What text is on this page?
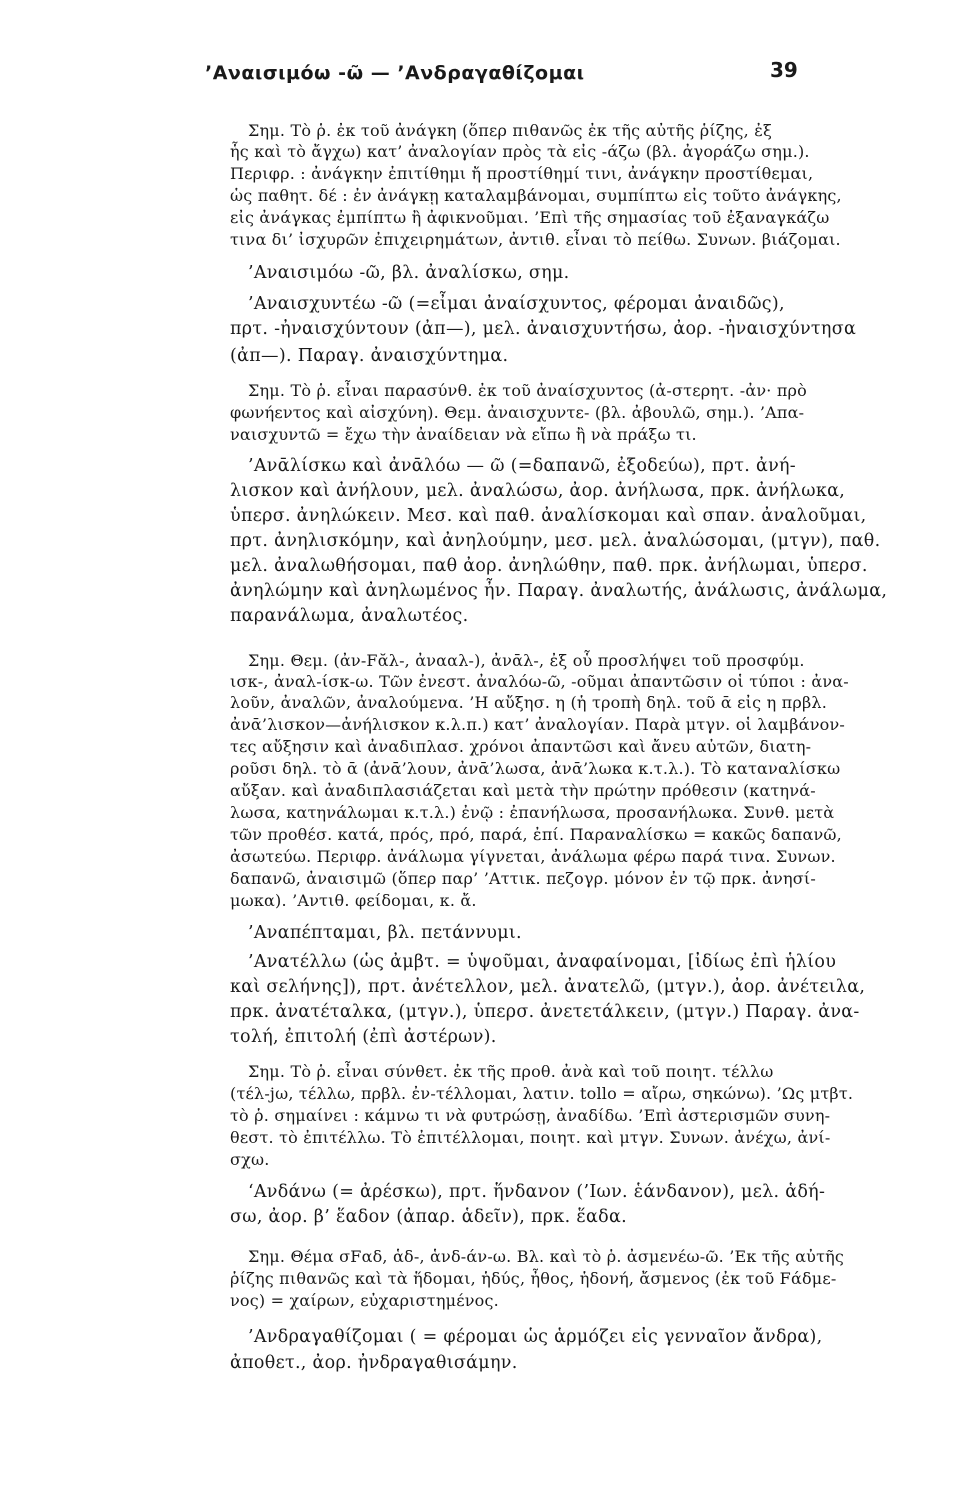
’Αναισιμόω -ῶ — ’Ανδραγαθίζομαι	39
Σημ. Τὸ ῥ. ἐκ τοῦ ἀνάγκη (ὅπερ πιθανῶς ἐκ τῆς αὐτῆς ῥίζης, ἐξ
ἧς καὶ τὸ ἄγχω) κατ’ ἀναλογίαν πρὸς τὰ εἰς -άζω (βλ. ἀγοράζω σημ.).
Περιφρ. : ἀνάγκην ἐπιτίθημι ἤ προστίθημί τινι, ἀνάγκην προστίθεμαι,
ὡς παθητ. δέ : ἐν ἀνάγκῃ καταλαμβάνομαι, συμπίπτω εἰς τοῦτο ἀνάγκης,
εἰς ἀνάγκας ἐμπίπτω ἢ ἀφικνοῦμαι. ’Επὶ τῆς σημασίας τοῦ ἐξαναγκάζω
τινα δι’ ἰσχυρῶν ἐπιχειρημάτων, ἀντιθ. εἶναι τὸ πείθω. Συνων. βιάζομαι.
’Αναισιμόω -ῶ, βλ. ἀναλίσκω, σημ.
’Αναισχυντέω -ῶ (=εἶμαι ἀναίσχυντος, φέρομαι ἀναιδῶς),
πρτ. -ἠναισχύντουν (ἀπ—), μελ. ἀναισχυντήσω, ἀορ. -ἠναισχύντησα
(ἀπ—). Παραγ. ἀναισχύντημα.
Σημ. Τὸ ῥ. εἶναι παρασύνθ. ἐκ τοῦ ἀναίσχυντος (ἀ-στερητ. -ἀν· πρὸ
φωνήεντος καὶ αἰσχύνη). Θεμ. ἀναισχυντε- (βλ. ἀβουλῶ, σημ.). ’Απα-
ναισχυντῶ = ἔχω τὴν ἀναίδειαν νὰ εἴπω ἢ νὰ πράξω τι.
’Ανᾱλίσκω καὶ ἀνᾱλόω — ῶ (=δαπανῶ, ἐξοδεύω), πρτ. ἀνή-
λισκον καὶ ἀνήλουν, μελ. ἀναλώσω, ἀορ. ἀνήλωσα, πρκ. ἀνήλωκα,
ὑπερσ. ἀνηλώκειν. Μεσ. καὶ παθ. ἀναλίσκομαι καὶ σπαν. ἀναλοῦμαι,
πρτ. ἀνηλισκόμην, καὶ ἀνηλούμην, μεσ. μελ. ἀναλώσομαι, (μτγν), παθ.
μελ. ἀναλωθήσομαι, παθ ἀορ. ἀνηλώθην, παθ. πρκ. ἀνήλωμαι, ὑπερσ.
ἀνηλώμην καὶ ἀνηλωμένος ἦν. Παραγ. ἀναλωτής, ἀνάλωσις, ἀνάλωμα,
παρανάλωμα, ἀναλωτέος.
Σημ. Θεμ. (ἀν-Fᾰλ-, ἀνααλ-), ἀνᾱλ-, ἐξ οὗ προσλήψει τοῦ προσφύμ.
ισκ-, ἀναλ-ίσκ-ω. Τῶν ἐνεστ. ἀναλόω-ῶ, -οῦμαι ἀπαντῶσιν οἱ τύποι : ἀνα-
λοῦν, ἀναλῶν, ἀναλούμενα. ’Η αὔξησ. η (ἡ τροπὴ δηλ. τοῦ ᾱ εἰς η πρβλ.
ἀνᾱ’λισκον—ἀνήλισκον κ.λ.π.) κατ’ ἀναλογίαν. Παρὰ μτγν. οἱ λαμβάνον-
τες αὔξησιν καὶ ἀναδιπλασ. χρόνοι ἀπαντῶσι καὶ ἄνευ αὐτῶν, διατη-
ροῦσι δηλ. τὸ ᾱ (ἀνᾱ’λουν, ἀνᾱ’λωσα, ἀνᾱ’λωκα κ.τ.λ.). Τὸ καταναλίσκω
αὔξαν. καὶ ἀναδιπλασιάζεται καὶ μετὰ τὴν πρώτην πρόθεσιν (κατηνά-
λωσα, κατηνάλωμαι κ.τ.λ.) ἐνῷ : ἐπανήλωσα, προσανήλωκα. Συνθ. μετὰ
τῶν προθέσ. κατά, πρός, πρό, παρά, ἐπί. Παραναλίσκω = κακῶς δαπανῶ,
ἀσωτεύω. Περιφρ. ἀνάλωμα γίγνεται, ἀνάλωμα φέρω παρά τινα. Συνων.
δαπανῶ, ἀναισιμῶ (ὅπερ παρ’ ’Αττικ. πεζογρ. μόνον ἐν τῷ πρκ. ἀνησί-
μωκα). ’Αντιθ. φείδομαι, κ. ἄ.
’Αναπέπταμαι, βλ. πετάννυμι.
’Ανατέλλω (ὡς ἀμβτ. = ὑψοῦμαι, ἀναφαίνομαι, [ἰδίως ἐπὶ ἡλίου
καὶ σελήνης]), πρτ. ἀνέτελλον, μελ. ἀνατελῶ, (μτγν.), ἀορ. ἀνέτειλα,
πρκ. ἀνατέταλκα, (μτγν.), ὑπερσ. ἀνετετάλκειν, (μτγν.) Παραγ. ἀνα-
τολή, ἐπιτολή (ἐπὶ ἀστέρων).
Σημ. Τὸ ῥ. εἶναι σύνθετ. ἐκ τῆς προθ. ἀνὰ καὶ τοῦ ποιητ. τέλλω
(τέλ-jω, τέλλω, πρβλ. ἐν-τέλλομαι, λατιν. tollo = αἴρω, σηκώνω). ’Ως μτβτ.
τὸ ῥ. σημαίνει : κάμνω τι νὰ φυτρώσῃ, ἀναδίδω. ’Επὶ ἀστερισμῶν συνη-
θεστ. τὸ ἐπιτέλλω. Τὸ ἐπιτέλλομαι, ποιητ. καὶ μτγν. Συνων. ἀνέχω, ἀνί-
σχω.
‘Ανδάνω (= ἀρέσκω), πρτ. ἥνδανον (’Ιων. ἑάνδανον), μελ. ἁδή-
σω, ἀορ. β’ ἕαδον (ἀπαρ. ἁδεῖν), πρκ. ἕαδα.
Σημ. Θέμα σFαδ, ἁδ-, ἁνδ-άν-ω. Βλ. καὶ τὸ ῥ. ἀσμενέω-ῶ. ’Εκ τῆς αὐτῆς
ῥίζης πιθανῶς καὶ τὰ ἥδομαι, ἡδύς, ἦθος, ἡδονή, ἄσμενος (ἐκ τοῦ Fάδμε-
νος) = χαίρων, εὐχαριστημένος.
’Ανδραγαθίζομαι ( = φέρομαι ὡς ἁρμόζει εἰς γενναῖον ἄνδρα),
ἀποθετ., ἀορ. ἠνδραγαθισάμην.
